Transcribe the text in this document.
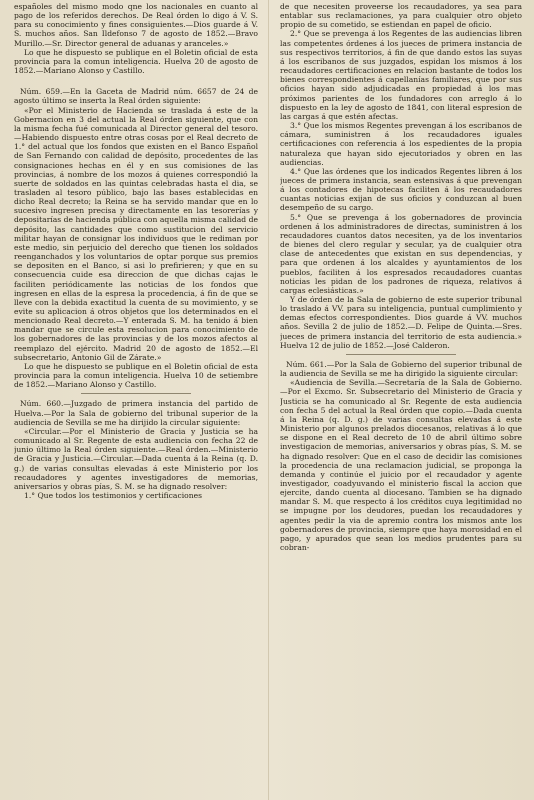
españoles del mismo modo qne los nacionales en cuanto al pago de los referidos derechos. De Real órden lo digo á V. S. para su conocimiento y fines consiguientes.—Dios guarde á V. S. muchos años. San Ildefonso 7 de agosto de 1852.—Bravo Murillo.—Sr. Director general de aduanas y aranceles.»

Lo que he dispuesto se publique en el Boletin oficial de esta provincia para la comun inteligencia. Huelva 20 de agosto de 1852.—Mariano Alonso y Castillo.

Núm. 659.—En la Gaceta de Madrid núm. 6657 de 24 de agosto último se inserta la Real órden siguiente:

«Por el Ministerio de Hacienda se traslada á este de la Gobernacion en 3 del actual la Real órden siguiente, que con la misma fecha fué comunicada al Director general del tesoro.—Habiendo dispuesto entre otras cosas por el Real decreto de 1.° del actual que los fondos que existen en el Banco Español de San Fernando con calidad de depósito, procedentes de las consignaciones hechas en él y en sus comisiones de las provincias, á nombre de los mozos á quienes correspondió la suerte de soldados en las quintas celebradas hasta el dia, se trasladen al tesoro público, bajo las bases establecidas en dicho Real decreto; la Reina se ha servido mandar que en lo sucesivo ingresen precisa y directamente en las tesorerías y depositarías de hacienda pública con aquella misma calidad de depósito, las cantidades que como sustitucion del servicio militar hayan de consignar los individuos que le rediman por este medio, sin perjuicio del derecho que tienen los soldados reenganchados y los voluntarios de optar porque sus premios se depositen en el Banco, si asi lo prefirieren; y que en su consecuencia cuide esa direccion de que dichas cajas le faciliten periódicamente las noticias de los fondos que ingresen en ellas de la espresa la procedencia, á fin de que se lleve con la debida exactitud la cuenta de su movimiento, y se evite su aplicacion á otros objetos que los determinados en el mencionado Real decreto.—Y enterada S. M. ha tenido á bien mandar que se circule esta resolucion para conocimiento de los gobernadores de las provincias y de los mozos afectos al reemplazo del ejército. Madrid 20 de agosto de 1852.—El subsecretario, Antonio Gil de Zárate.»

Lo que he dispuesto se publique en el Boletin oficial de esta provincia para la comun inteligencia. Huelva 10 de setiembre de 1852.—Mariano Alonso y Castillo.

Núm. 660.—Juzgado de primera instancia del partido de Huelva.—Por la Sala de gobierno del tribunal superior de la audiencia de Sevilla se me ha dirijido la circular siguiente:

«Circular.—Por el Ministerio de Gracia y Justicia se ha comunicado al Sr. Regente de esta audiencia con fecha 22 de junio último la Real órden siguiente.—Real órden.—Ministerio de Gracia y Justicia.—Circular.—Dada cuenta á la Reina (q. D. g.) de varias consultas elevadas á este Ministerio por los recaudadores y agentes investigadores de memorias, aniversarios y obras pías, S. M. se ha dignado resolver:

1.° Que todos los testimonios y certificaciones

de que necesiten proveerse los recaudadores, ya sea para entablar sus reclamaciones, ya para cualquier otro objeto propio de su cometido, se estiendan en papel de oficio.

2.° Que se prevenga á los Regentes de las audiencias libren las competentes órdenes á los jueces de primera instancia de sus respectivos territorios, á fin de que dando estos las suyas á los escribanos de sus juzgados, espidan los mismos á los recaudadores certificaciones en relacion bastante de todos los bienes correspondientes á capellanías familiares, que por sus oficios hayan sido adjudicadas en propiedad á los mas próximos parientes de los fundadores con arreglo á lo dispuesto en la ley de agosto de 1841, con literal espresion de las cargas á que estén afectas.

3.° Que los mismos Regentes prevengan á los escribanos de cámara, suministren á los recaudadores iguales certificaciones con referencia á los espedientes de la propia naturaleza que hayan sido ejecutoriados y obren en las audiencias.

4.° Que las órdenes que los indicados Regentes libren á los jueces de primera instancia, sean estensivas á que prevengan á los contadores de hipotecas faciliten á los recaudadores cuantas noticias exijan de sus oficios y conduzcan al buen desempeño de su cargo.

5.° Que se prevenga á los gobernadores de provincia ordenen á los administradores de directas, suministren á los recaudadores cuantos datos necesiten, ya de los inventarios de bienes del clero regular y secular, ya de cualquier otra clase de antecedentes que existan en sus dependencias, y para que ordenen á los alcaldes y ayuntamientos de los pueblos, faciliten á los espresados recaudadores cuantas noticias les pidan de los padrones de riqueza, relativos á cargas eclesiásticas.»

Y de órden de la Sala de gobierno de este superior tribunal lo traslado á VV. para su inteligencia, puntual cumplimiento y demas efectos correspondientes. Dios guarde á VV. muchos años. Sevilla 2 de julio de 1852.—D. Felipe de Quinta.—Sres. jueces de primera instancia del territorio de esta audiencia.» Huelva 12 de julio de 1852.—José Calderon.

Núm. 661.—Por la Sala de Gobierno del superior tribunal de la audiencia de Sevilla se me ha dirigido la siguiente circular:

«Audiencia de Sevilla.—Secretaría de la Sala de Gobierno.—Por el Excmo. Sr. Subsecretario del Ministerio de Gracia y Justicia se ha comunicado al Sr. Regente de esta audiencia con fecha 5 del actual la Real órden que copio.—Dada cuenta á la Reina (q. D. g.) de varias consultas elevadas á este Ministerio por algunos prelados diocesanos, relativas á lo que se dispone en el Real decreto de 10 de abril último sobre investigacion de memorias, aniversarios y obras pías, S. M. se ha dignado resolver: Que en el caso de decidir las comisiones la procedencia de una reclamacion judicial, se proponga la demanda y continúe el juicio por el recaudador y agente investigador, coadyuvando el ministerio fiscal la accion que ejercite, dando cuenta al diocesano. Tambien se ha dignado mandar S. M. que respecto á los créditos cuya legitimidad no se impugne por los deudores, puedan los recaudadores y agentes pedir la via de apremio contra los mismos ante los gobernadores de provincia, siempre que haya morosidad en el pago, y apurados que sean los medios prudentes para su cobran-
